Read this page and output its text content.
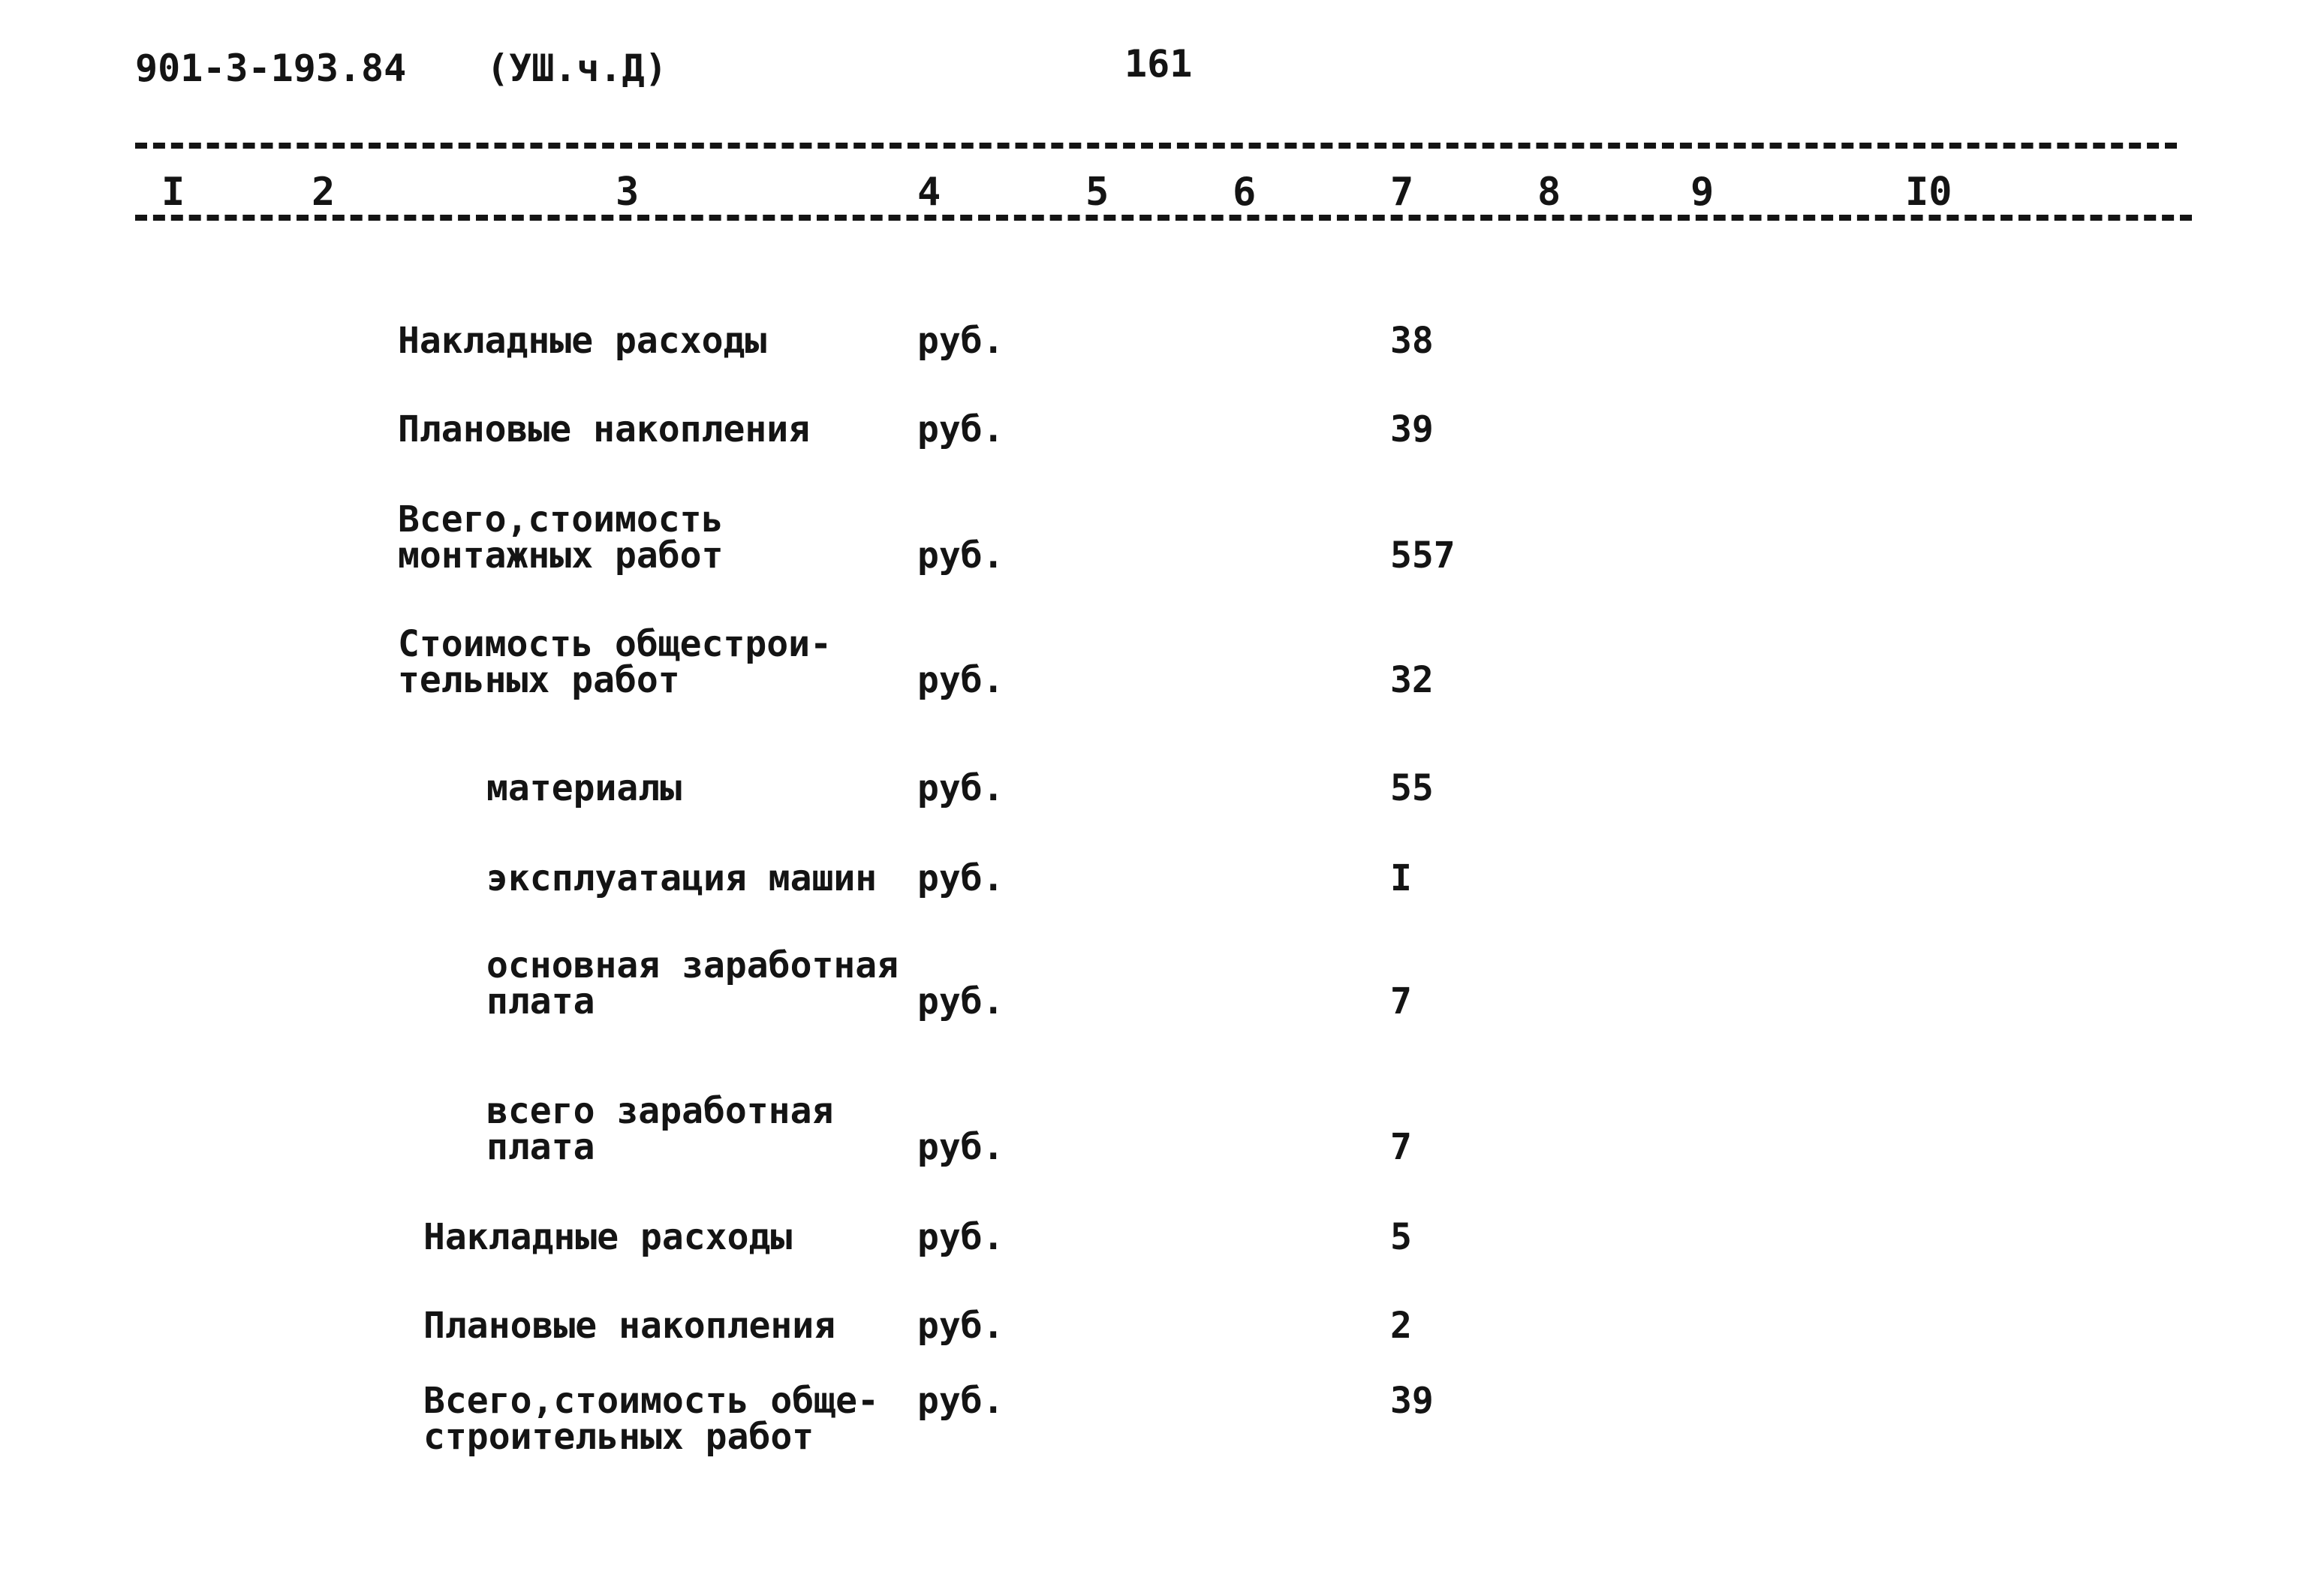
901-3-193.84 (УШ.ч.Д)	161
I	2	3	4	5	6	7	8	9	I0
Накладные расходы	руб.	38
Плановые накопления	руб.	39
Всего,стоимость
монтажных работ	руб.	557
Стоимость общестрои-
тельных работ	руб.	32
материалы	руб.	55
эксплуатация машин руб.	I
основная заработная
плата	руб.	7
всего заработная
плата	руб.	7
Накладные расходы	руб.	5
Плановые накопления руб.	2
Всего,стоимость обще-
строительных работ
руб.	39
